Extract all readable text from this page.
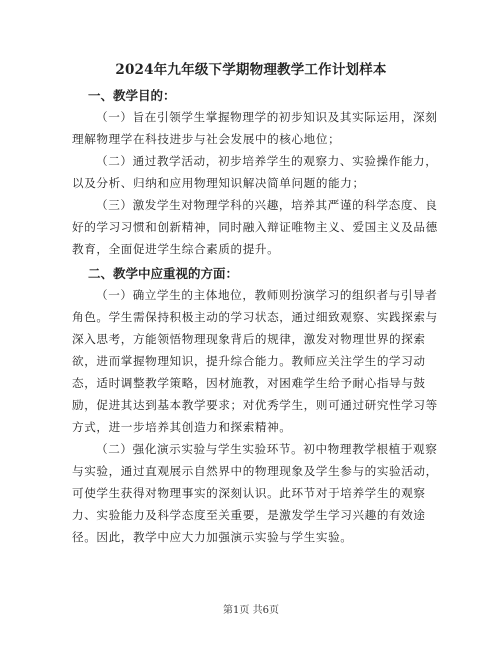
2024年九年级下学期物理教学工作计划样本
一、教学目的：
（一）旨在引领学生掌握物理学的初步知识及其实际运用，深刻
理解物理学在科技进步与社会发展中的核心地位；
（二）通过教学活动，初步培养学生的观察力、实验操作能力，
以及分析、归纳和应用物理知识解决简单问题的能力；
（三）激发学生对物理学科的兴趣，培养其严谨的科学态度、良
好的学习习惯和创新精神，同时融入辩证唯物主义、爱国主义及品德
教育，全面促进学生综合素质的提升。
二、教学中应重视的方面：
（一）确立学生的主体地位，教师则扮演学习的组织者与引导者
角色。学生需保持积极主动的学习状态，通过细致观察、实践探索与
深入思考，方能领悟物理现象背后的规律，激发对物理世界的探索
欲，进而掌握物理知识，提升综合能力。教师应关注学生的学习动
态，适时调整教学策略，因材施教，对困难学生给予耐心指导与鼓
励，促进其达到基本教学要求；对优秀学生，则可通过研究性学习等
方式，进一步培养其创造力和探索精神。
（二）强化演示实验与学生实验环节。初中物理教学根植于观察
与实验，通过直观展示自然界中的物理现象及学生参与的实验活动，
可使学生获得对物理事实的深刻认识。此环节对于培养学生的观察
力、实验能力及科学态度至关重要，是激发学生学习兴趣的有效途
径。因此，教学中应大力加强演示实验与学生实验。
第1页 共6页
